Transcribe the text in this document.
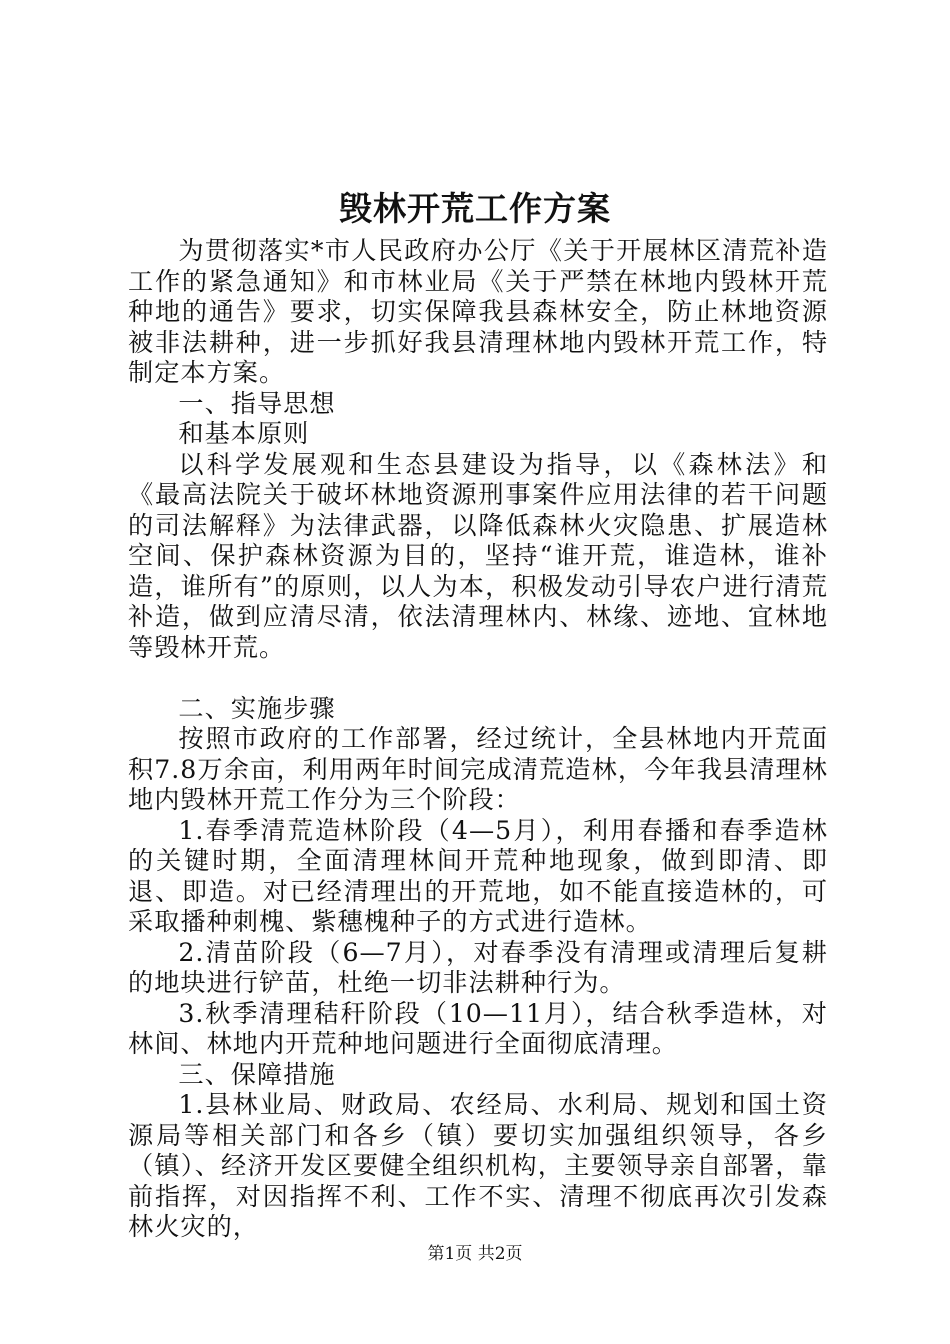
毁林开荒工作方案

为贯彻落实*市人民政府办公厅《关于开展林区清荒补造工作的紧急通知》和市林业局《关于严禁在林地内毁林开荒种地的通告》要求，切实保障我县森林安全，防止林地资源被非法耕种，进一步抓好我县清理林地内毁林开荒工作，特制定本方案。

一、指导思想

和基本原则

以科学发展观和生态县建设为指导，以《森林法》和《最高法院关于破坏林地资源刑事案件应用法律的若干问题的司法解释》为法律武器，以降低森林火灾隐患、扩展造林空间、保护森林资源为目的，坚持“谁开荒，谁造林，谁补造，谁所有”的原则，以人为本，积极发动引导农户进行清荒补造，做到应清尽清，依法清理林内、林缘、迹地、宜林地等毁林开荒。

二、实施步骤

按照市政府的工作部署，经过统计，全县林地内开荒面积7.8万余亩，利用两年时间完成清荒造林，今年我县清理林地内毁林开荒工作分为三个阶段：

1.春季清荒造林阶段（4—5月），利用春播和春季造林的关键时期，全面清理林间开荒种地现象，做到即清、即退、即造。对已经清理出的开荒地，如不能直接造林的，可采取播种刺槐、紫穗槐种子的方式进行造林。

2.清苗阶段（6—7月），对春季没有清理或清理后复耕的地块进行铲苗，杜绝一切非法耕种行为。

3.秋季清理秸秆阶段（10—11月），结合秋季造林，对林间、林地内开荒种地问题进行全面彻底清理。

三、保障措施

1.县林业局、财政局、农经局、水利局、规划和国土资源局等相关部门和各乡（镇）要切实加强组织领导，各乡（镇）、经济开发区要健全组织机构，主要领导亲自部署，靠前指挥，对因指挥不利、工作不实、清理不彻底再次引发森林火灾的，

第1页 共2页
